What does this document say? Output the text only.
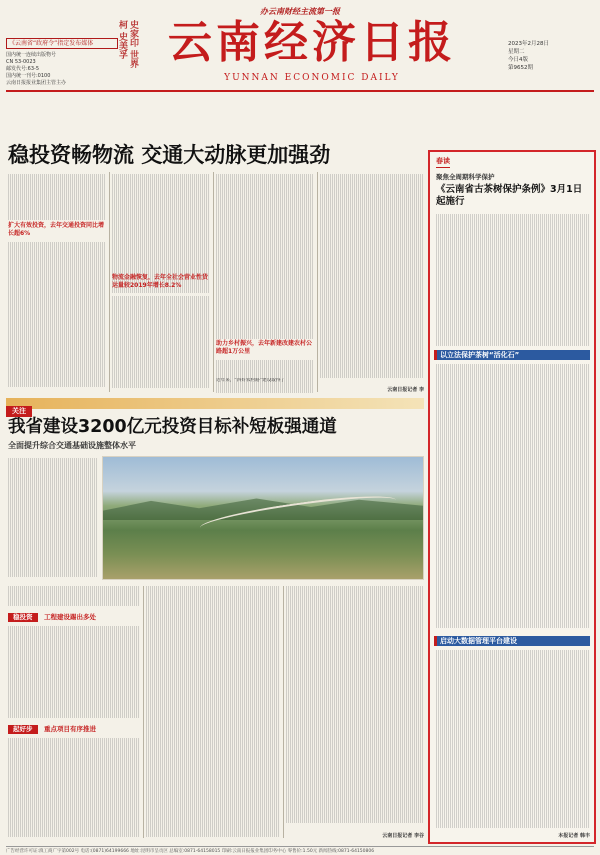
办云南财经主流第一报
《云南省“政府令”指定发布媒体
国内统一连续出版物号
CN 53-0023
邮发代号:63-5
国内统一刊号:0100
云南日报报业集团主管主办
史家印 世界柯 史美孚 云南经济日报
YUNNAN ECONOMIC DAILY
2023年2月28日
星期二
今日4版
第9652期
稳投资畅物流 交通大动脉更加强劲
扩大有效投资，去年交通投资同比增长超6%
物流金融恢复，去年全社会营业性货运量较2019年增长8.2%
助力乡村振兴，去年新建改建农村公路超1万公里
近年来，“四好农村路”建设取得了
云南日报记者 李
关注
我省建设3200亿元投资目标补短板强通道
全面提升综合交通基础设施整体水平
稳投资	工程建设踢出多处
起好步	重点项目有序推进
云南日报记者 李谷
春读
聚焦全周期科学保护
《云南省古茶树保护条例》3月1日起施行
以立法保护茶树“活化石”
启动大数据管理平台建设
本报记者 韩丰
广告经营许可证:滇工商广字第002号 电话:(0871)64199666 地址:昆明市呈贡区 总编室:0871-64158015 印刷:云南日报报业集团印务中心 零售价:1.50元 新闻热线:0871-64150806
